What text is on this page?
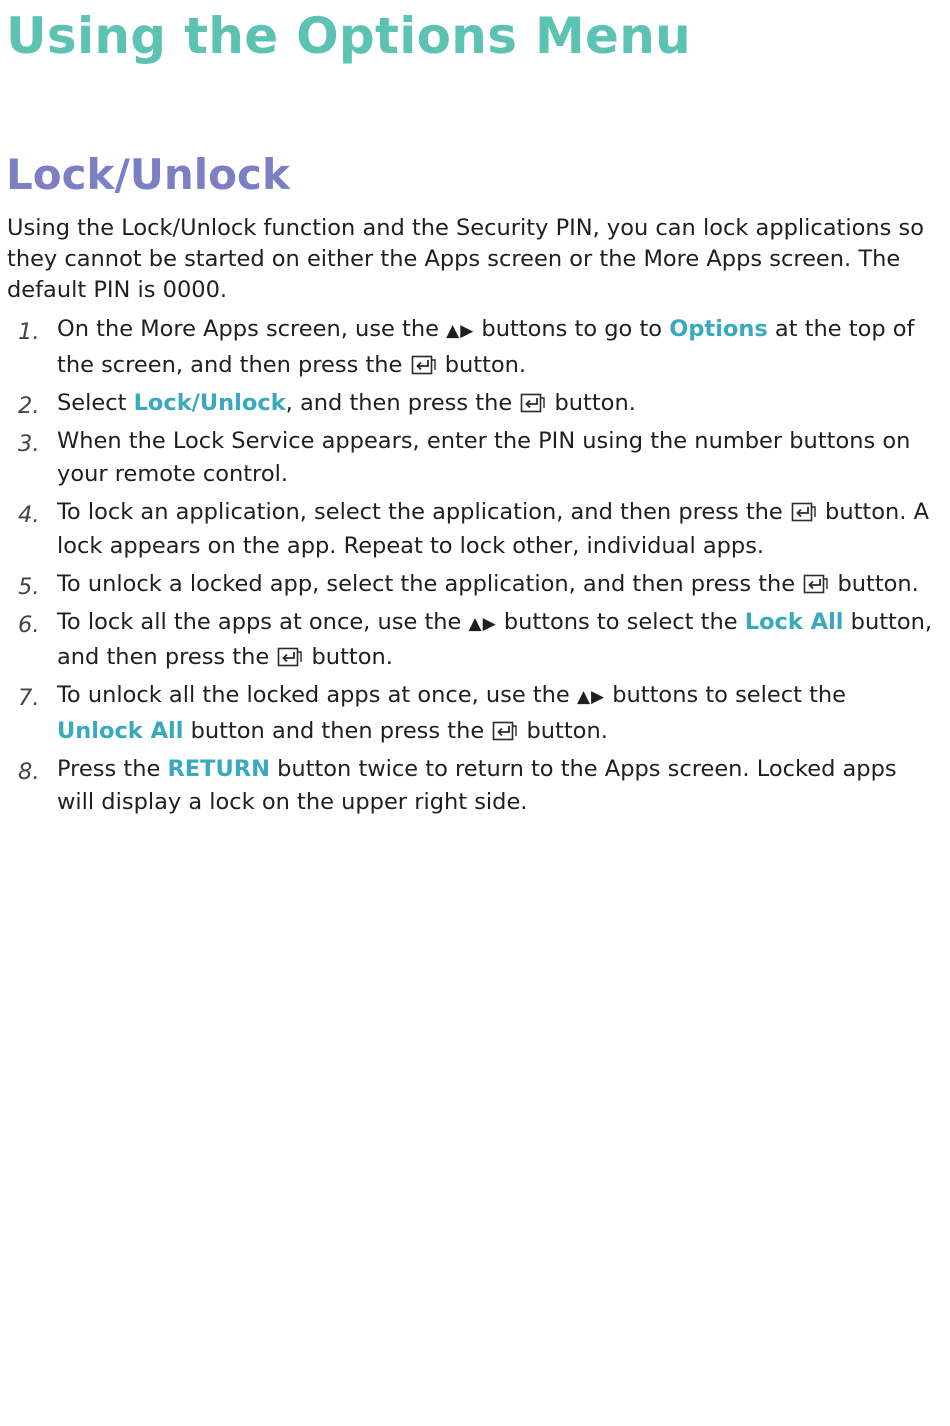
Using the Options Menu
Lock/Unlock

Using the Lock/Unlock function and the Security PIN, you can lock applications so they cannot be started on either the Apps screen or the More Apps screen. The default PIN is 0000.

1. On the More Apps screen, use the ▲▶ buttons to go to Options at the top of the screen, and then press the  button.
2. Select Lock/Unlock, and then press the  button.
3. When the Lock Service appears, enter the PIN using the number buttons on your remote control.
4. To lock an application, select the application, and then press the  button. A lock appears on the app. Repeat to lock other, individual apps.
5. To unlock a locked app, select the application, and then press the  button.
6. To lock all the apps at once, use the ▲▶ buttons to select the Lock All button, and then press the  button.
7. To unlock all the locked apps at once, use the ▲▶ buttons to select the Unlock All button and then press the  button.
8. Press the RETURN button twice to return to the Apps screen. Locked apps will display a lock on the upper right side.
